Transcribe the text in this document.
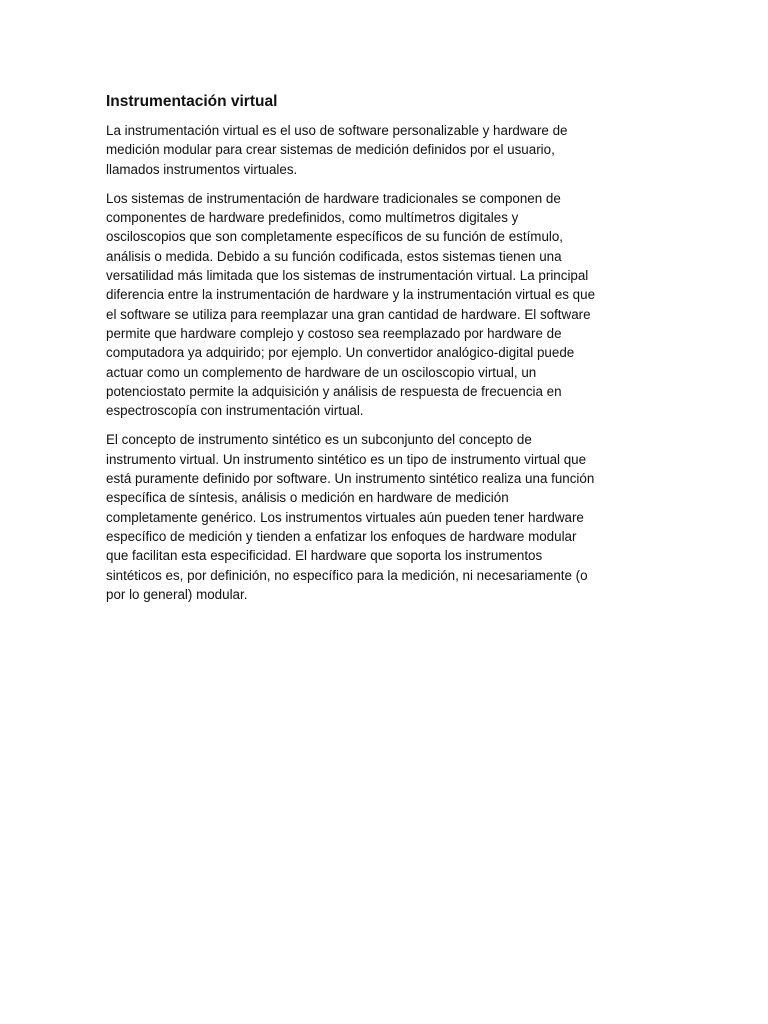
Instrumentación virtual

La instrumentación virtual es el uso de software personalizable y hardware de
medición modular para crear sistemas de medición definidos por el usuario,
llamados instrumentos virtuales.

Los sistemas de instrumentación de hardware tradicionales se componen de
componentes de hardware predefinidos, como multímetros digitales y
osciloscopios que son completamente específicos de su función de estímulo,
análisis o medida. Debido a su función codificada, estos sistemas tienen una
versatilidad más limitada que los sistemas de instrumentación virtual. La principal
diferencia entre la instrumentación de hardware y la instrumentación virtual es que
el software se utiliza para reemplazar una gran cantidad de hardware. El software
permite que hardware complejo y costoso sea reemplazado por hardware de
computadora ya adquirido; por ejemplo. Un convertidor analógico-digital puede
actuar como un complemento de hardware de un osciloscopio virtual, un
potenciostato permite la adquisición y análisis de respuesta de frecuencia en
espectroscopía con instrumentación virtual.

El concepto de instrumento sintético es un subconjunto del concepto de
instrumento virtual. Un instrumento sintético es un tipo de instrumento virtual que
está puramente definido por software. Un instrumento sintético realiza una función
específica de síntesis, análisis o medición en hardware de medición
completamente genérico. Los instrumentos virtuales aún pueden tener hardware
específico de medición y tienden a enfatizar los enfoques de hardware modular
que facilitan esta especificidad. El hardware que soporta los instrumentos
sintéticos es, por definición, no específico para la medición, ni necesariamente (o
por lo general) modular.
